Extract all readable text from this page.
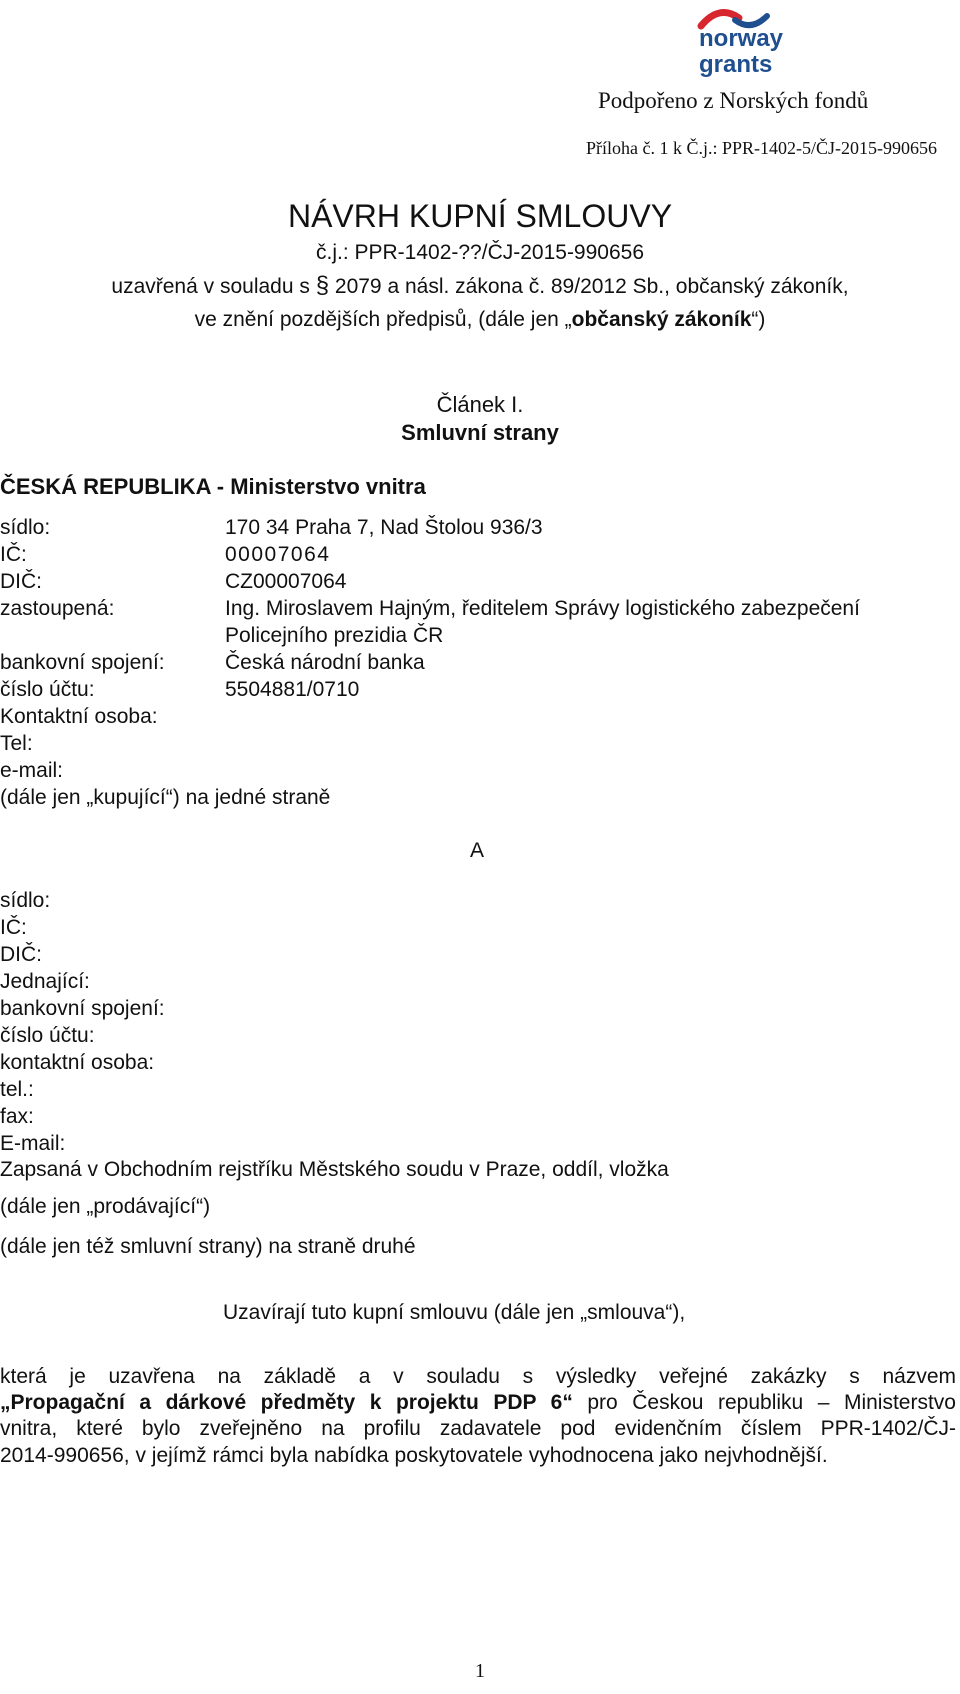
norway
grants
Podpořeno z Norských fondů
Příloha č. 1 k Č.j.: PPR-1402-5/ČJ-2015-990656
NÁVRH KUPNÍ SMLOUVY
č.j.: PPR-1402-??/ČJ-2015-990656
uzavřená v souladu s § 2079 a násl. zákona č. 89/2012 Sb., občanský zákoník,
ve znění pozdějších předpisů, (dále jen „občanský zákoník“)
Článek I.
Smluvní strany
ČESKÁ REPUBLIKA - Ministerstvo vnitra
sídlo:	170 34 Praha 7, Nad Štolou 936/3
IČ:	00007064
DIČ:	CZ00007064
zastoupená:	Ing. Miroslavem Hajným, ředitelem Správy logistického zabezpečení
Policejního prezidia ČR
bankovní spojení:	Česká národní banka
číslo účtu:	5504881/0710
Kontaktní osoba:
Tel:
e-mail:
(dále jen „kupující“) na jedné straně
A
sídlo:
IČ:
DIČ:
Jednající:
bankovní spojení:
číslo účtu:
kontaktní osoba:
tel.:
fax:
E-mail:
Zapsaná v Obchodním rejstříku Městského soudu v Praze, oddíl, vložka
(dále jen „prodávající“)
(dále jen též smluvní strany) na straně druhé
Uzavírají tuto kupní smlouvu (dále jen „smlouva“),
která je uzavřena na základě a v souladu s výsledky veřejné zakázky s názvem
„Propagační a dárkové předměty k projektu PDP 6“ pro Českou republiku – Ministerstvo
vnitra, které bylo zveřejněno na profilu zadavatele pod evidenčním číslem PPR-1402/ČJ-
2014-990656, v jejímž rámci byla nabídka poskytovatele vyhodnocena jako nejvhodnější.
1
